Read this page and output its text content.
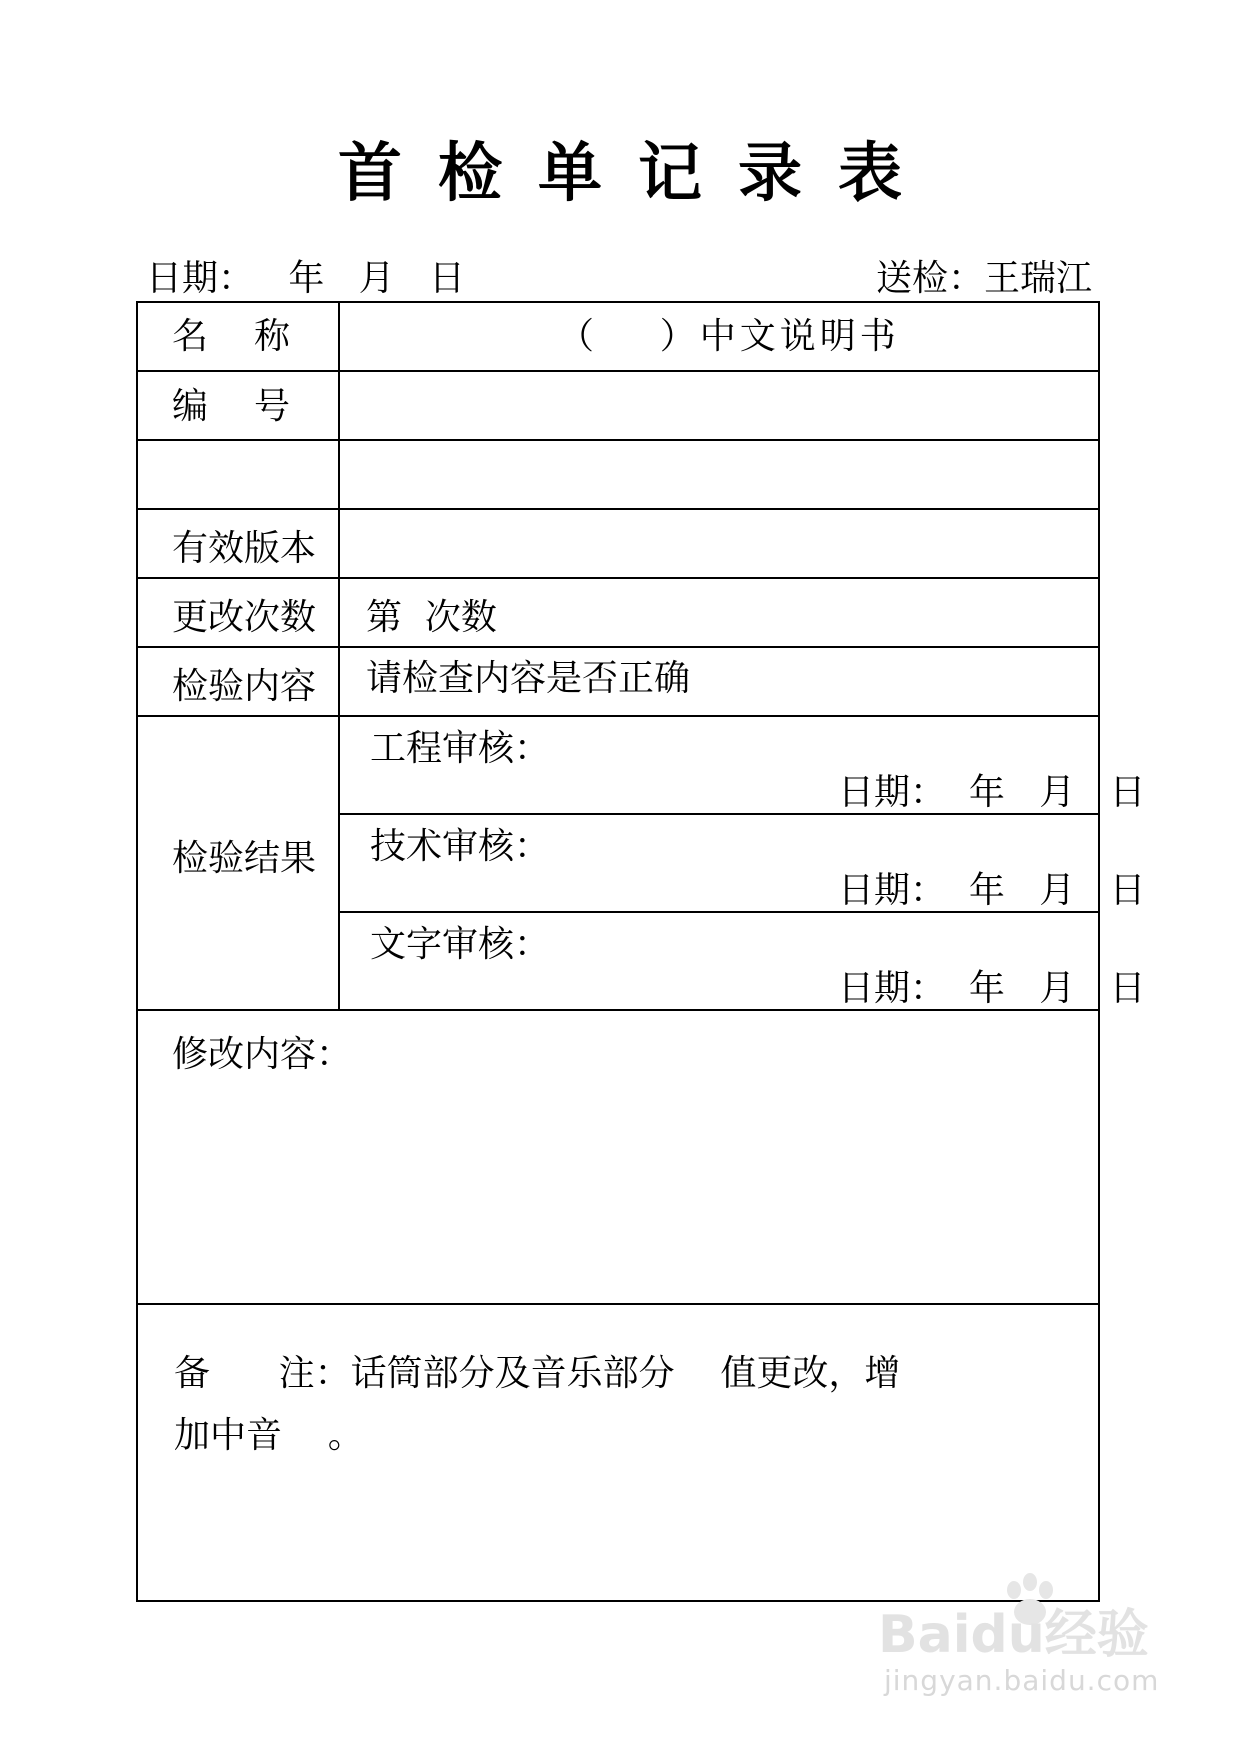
首检单记录表
日期：   年   月   日	送检：王瑞江
名称	（    ）中文说明书
编号
有效版本
更改次数 第  次数
检验内容 请检查内容是否正确
检验结果
工程审核：
日期：  年   月   日
技术审核：
日期：  年   月   日
文字审核：
日期：  年   月   日
修改内容：
备      注：话筒部分及音乐部分    值更改，增加中音    。
Baidu经验
jingyan.baidu.com
